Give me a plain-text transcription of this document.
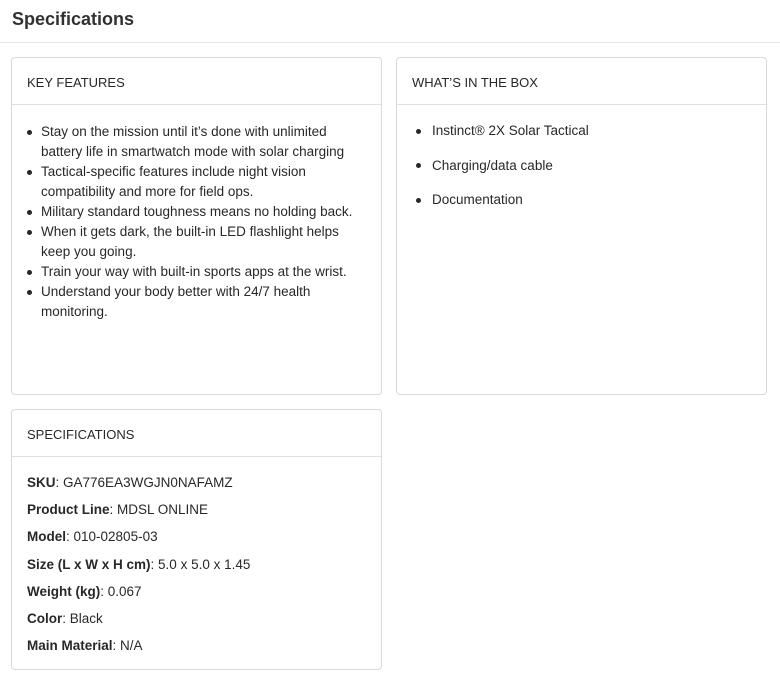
Specifications
KEY FEATURES
Stay on the mission until it’s done with unlimited battery life in smartwatch mode with solar charging
Tactical-specific features include night vision compatibility and more for field ops.
Military standard toughness means no holding back.
When it gets dark, the built-in LED flashlight helps keep you going.
Train your way with built-in sports apps at the wrist.
Understand your body better with 24/7 health monitoring.
WHAT’S IN THE BOX
Instinct® 2X Solar Tactical
Charging/data cable
Documentation
SPECIFICATIONS
SKU: GA776EA3WGJN0NAFAMZ
Product Line: MDSL ONLINE
Model: 010-02805-03
Size (L x W x H cm): 5.0 x 5.0 x 1.45
Weight (kg): 0.067
Color: Black
Main Material: N/A
